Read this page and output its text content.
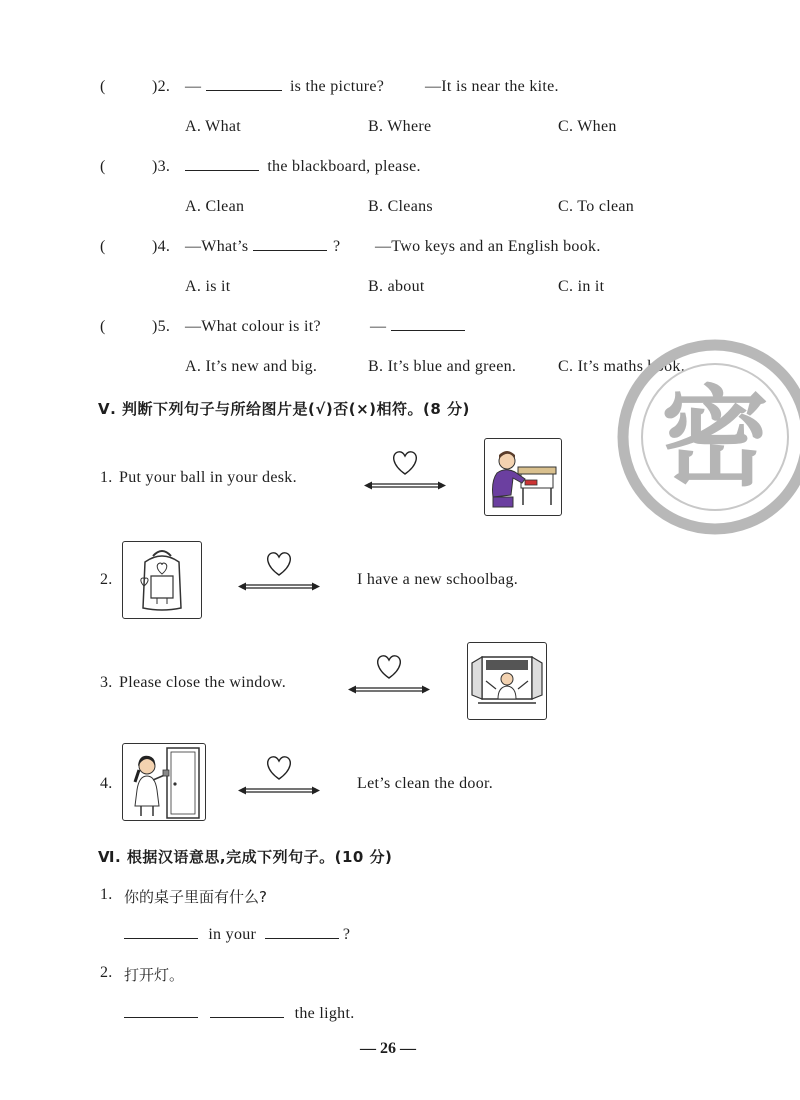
(	)2. —	is the picture?	—It is near the kite.
A. What	B. Where	C. When
(	)3.	the blackboard, please.
A. Clean	B. Cleans	C. To clean
(	)4. —What’s	? —Two keys and an English book.
A. is it	B. about	C. in it
(	)5. —What colour is it?	—
A. It’s new and big.	B. It’s blue and green.	C. It’s maths book.
密
Ⅴ. 判断下列句子与所给图片是(√)否(×)相符。(8 分)
1. Put your ball in your desk.
2.	I have a new schoolbag.
3. Please close the window.
4.	Let’s clean the door.
Ⅵ. 根据汉语意思,完成下列句子。(10 分)
1. 你的桌子里面有什么?
in your	?
2. 打开灯。
the light.
— 26 —
